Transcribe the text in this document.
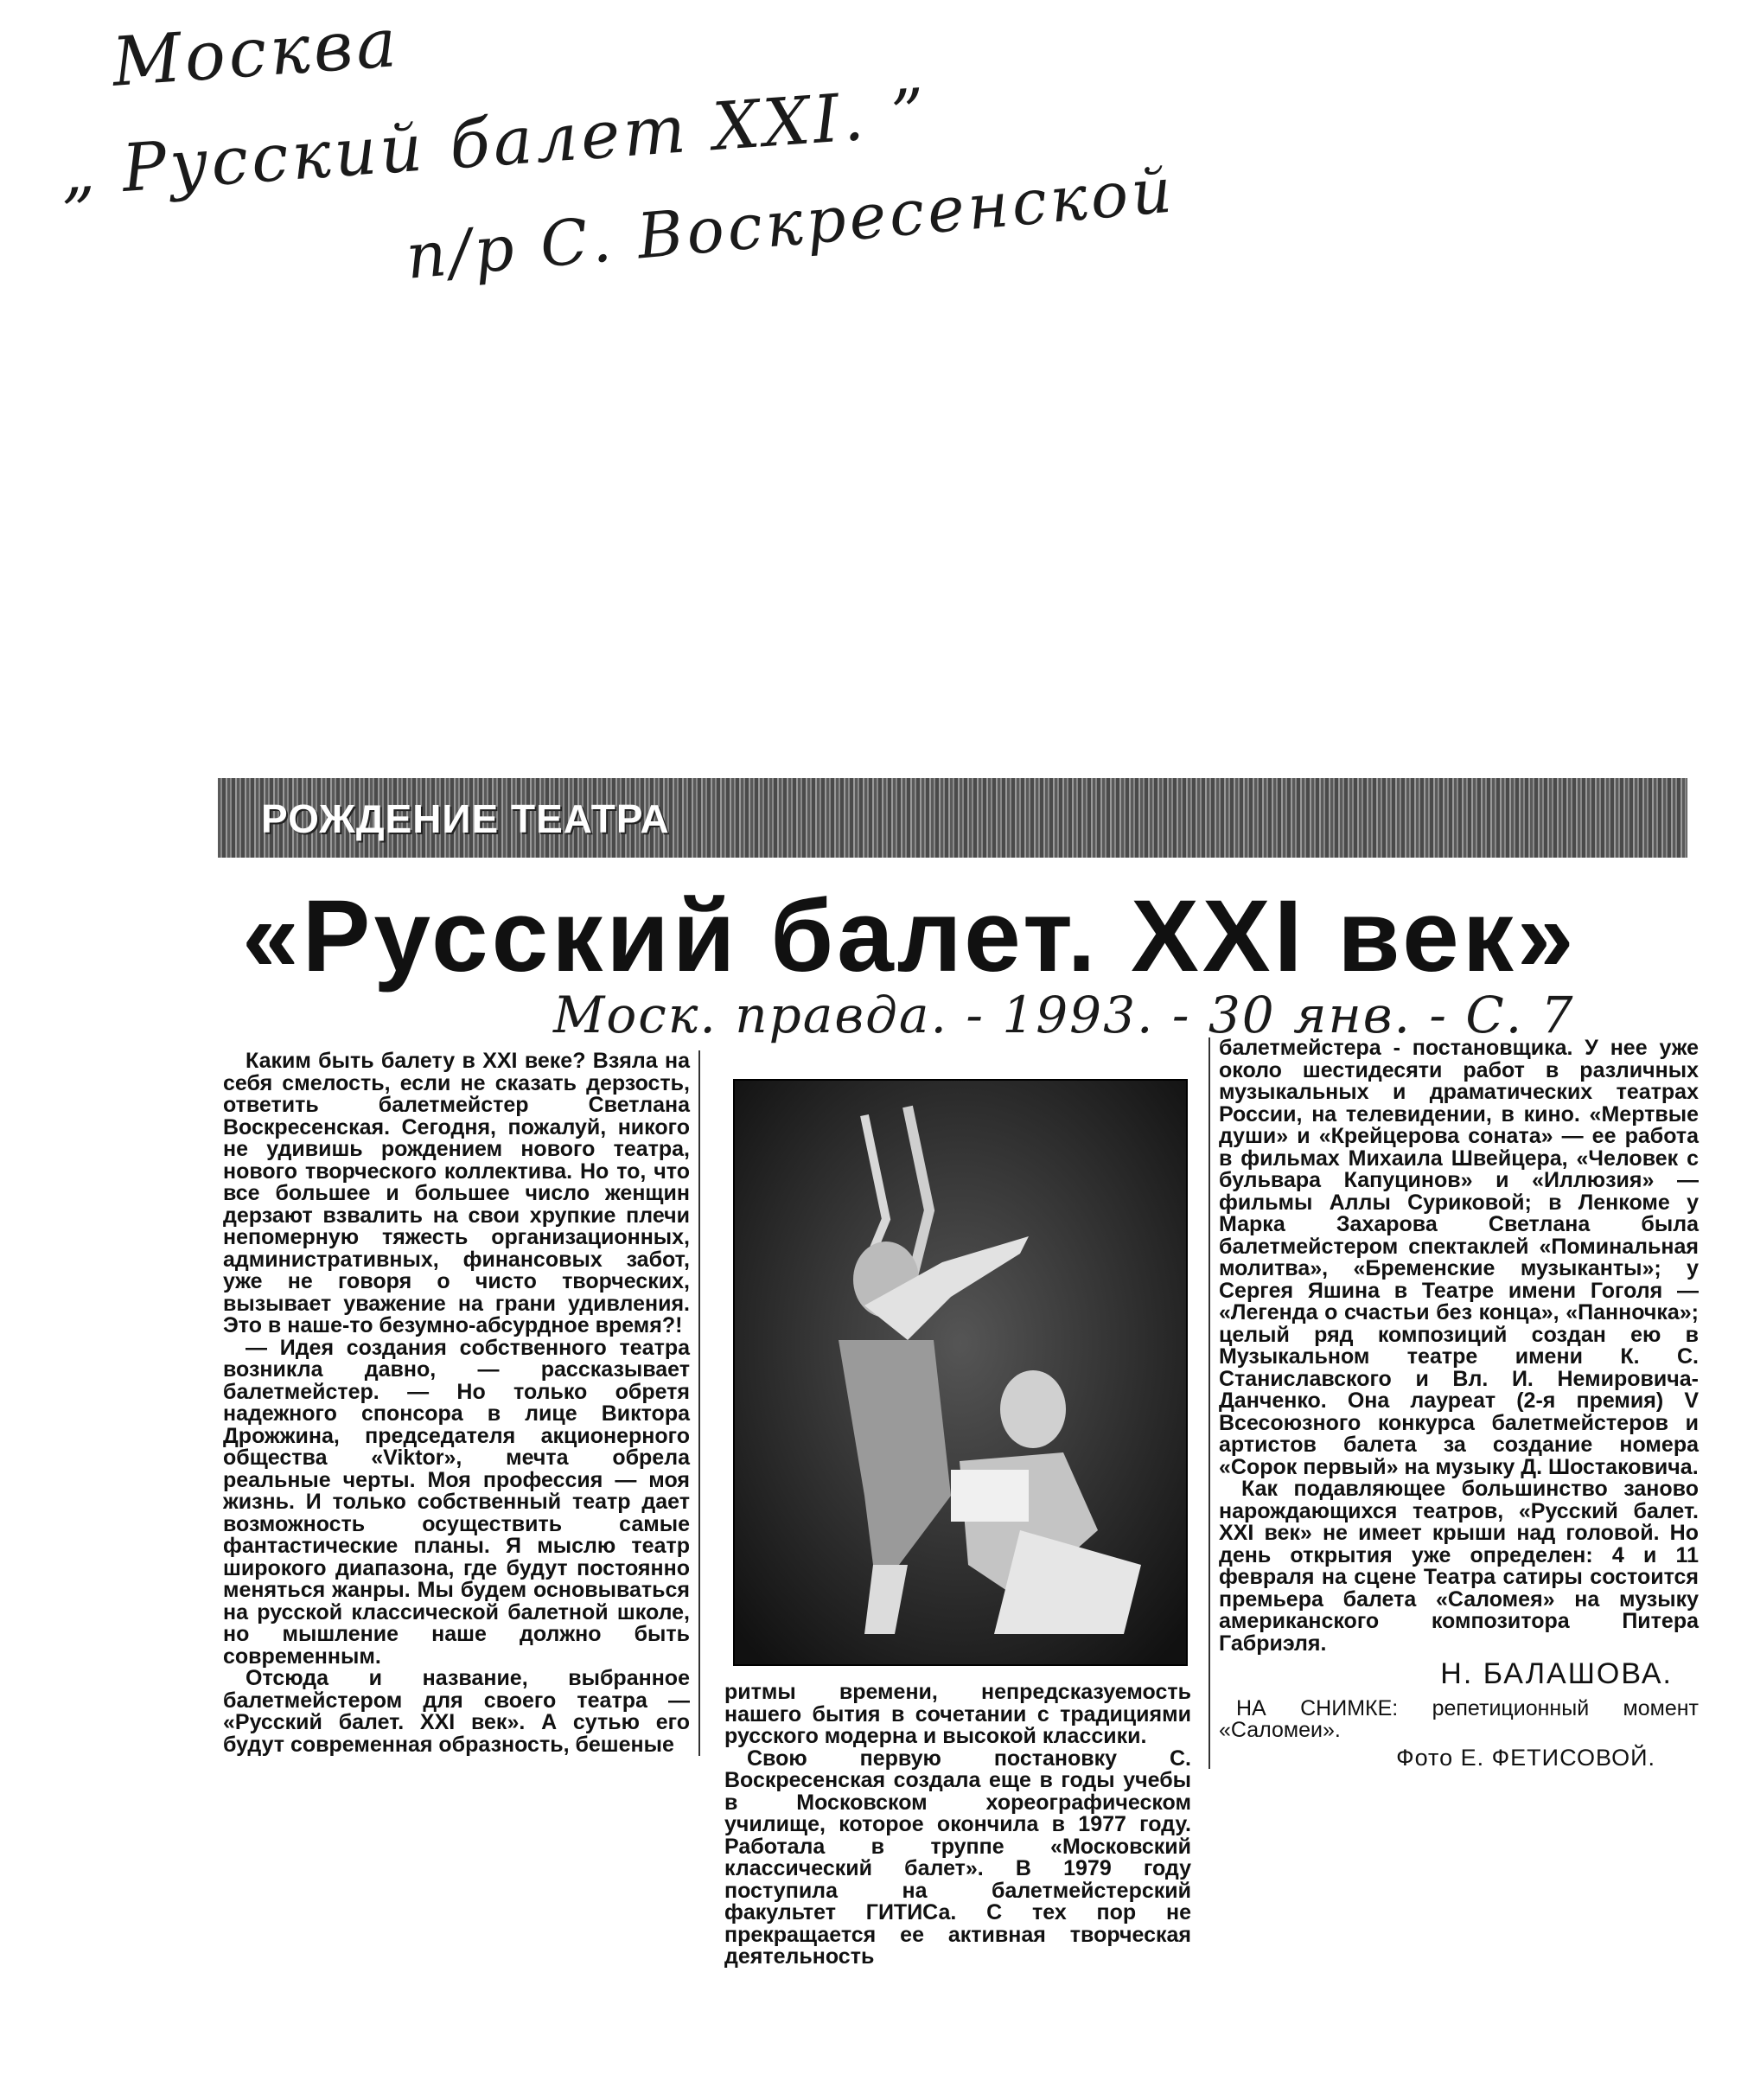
Москва
„ Русский балет XXI. ”
п/р С. Воскресенской
РОЖДЕНИЕ ТЕАТРА
«Русский балет. XXI век»
Моск. правда. - 1993. - 30 янв. - С. 7

Каким быть балету в XXI веке? Взяла на себя смелость, если не сказать дерзость, ответить балетмейстер Светлана Воскресенская. Сегодня, пожалуй, никого не удивишь рождением нового театра, нового творческого коллектива. Но то, что все большее и большее число женщин дерзают взвалить на свои хрупкие плечи непомерную тяжесть организационных, административных, финансовых забот, уже не говоря о чисто творческих, вызывает уважение на грани удивления. Это в наше-то безумно-абсурдное время?!

— Идея создания собственного театра возникла давно, — рассказывает балетмейстер. — Но только обретя надежного спонсора в лице Виктора Дрожжина, председателя акционерного общества «Viktor», мечта обрела реальные черты. Моя профессия — моя жизнь. И только собственный театр дает возможность осуществить самые фантастические планы. Я мыслю театр широкого диапазона, где будут постоянно меняться жанры. Мы будем основываться на русской классической балетной школе, но мышление наше должно быть современным.

Отсюда и название, выбранное балетмейстером для своего театра — «Русский балет. XXI век». А сутью его будут современная образность, бешеные

ритмы времени, непредсказуемость нашего бытия в сочетании с традициями русского модерна и высокой классики.

Свою первую постановку С. Воскресенская создала еще в годы учебы в Московском хореографическом училище, которое окончила в 1977 году. Работала в труппе «Московский классический балет». В 1979 году поступила на балетмейстерский факультет ГИТИСа. С тех пор не прекращается ее активная творческая деятельность

балетмейстера - постановщика. У нее уже около шестидесяти работ в различных музыкальных и драматических театрах России, на телевидении, в кино. «Мертвые души» и «Крейцерова соната» — ее работа в фильмах Михаила Швейцера, «Человек с бульвара Капуцинов» и «Иллюзия» — фильмы Аллы Суриковой; в Ленкоме у Марка Захарова Светлана была балетмейстером спектаклей «Поминальная молитва», «Бременские музыканты»; у Сергея Яшина в Театре имени Гоголя — «Легенда о счастьи без конца», «Панночка»; целый ряд композиций создан ею в Музыкальном театре имени К. С. Станиславского и Вл. И. Немировича-Данченко. Она лауреат (2-я премия) V Всесоюзного конкурса балетмейстеров и артистов балета за создание номера «Сорок первый» на музыку Д. Шостаковича.

Как подавляющее большинство заново нарождающихся театров, «Русский балет. XXI век» не имеет крыши над головой. Но день открытия уже определен: 4 и 11 февраля на сцене Театра сатиры состоится премьера балета «Саломея» на музыку американского композитора Питера Габриэля.

Н. БАЛАШОВА.
НА СНИМКЕ: репетиционный момент «Саломеи».
Фото Е. ФЕТИСОВОЙ.
